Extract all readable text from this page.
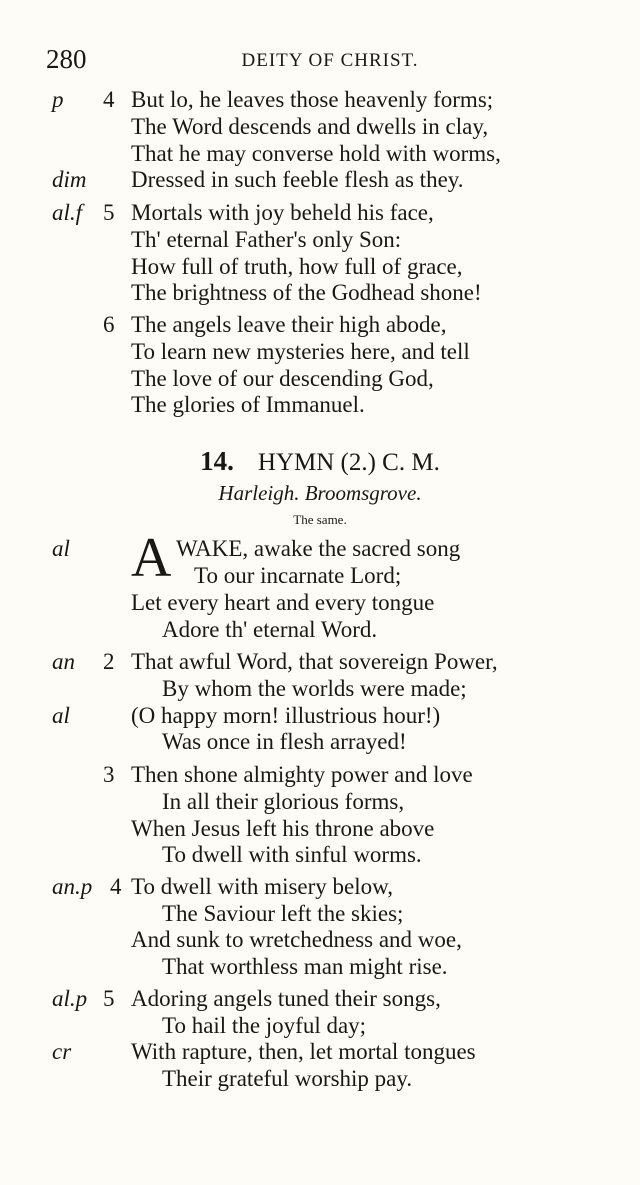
280	DEITY OF CHRIST.
p 4 But lo, he leaves those heavenly forms;
The Word descends and dwells in clay,
That he may converse hold with worms,
dim Dressed in such feeble flesh as they.
al.f 5 Mortals with joy beheld his face,
Th' eternal Father's only Son:
How full of truth, how full of grace,
The brightness of the Godhead shone!
6 The angels leave their high abode,
To learn new mysteries here, and tell
The love of our descending God,
The glories of Immanuel.
14. HYMN (2.) C. M.
Harleigh. Broomsgrove.
The same.
A
al	WAKE, awake the sacred song
To our incarnate Lord;
Let every heart and every tongue
Adore th' eternal Word.
an 2 That awful Word, that sovereign Power,
By whom the worlds were made;
al	(O happy morn! illustrious hour!)
Was once in flesh arrayed!
3 Then shone almighty power and love
In all their glorious forms,
When Jesus left his throne above
To dwell with sinful worms.
an.p 4 To dwell with misery below,
The Saviour left the skies;
And sunk to wretchedness and woe,
That worthless man might rise.
al.p 5 Adoring angels tuned their songs,
To hail the joyful day;
cr	With rapture, then, let mortal tongues
Their grateful worship pay.
